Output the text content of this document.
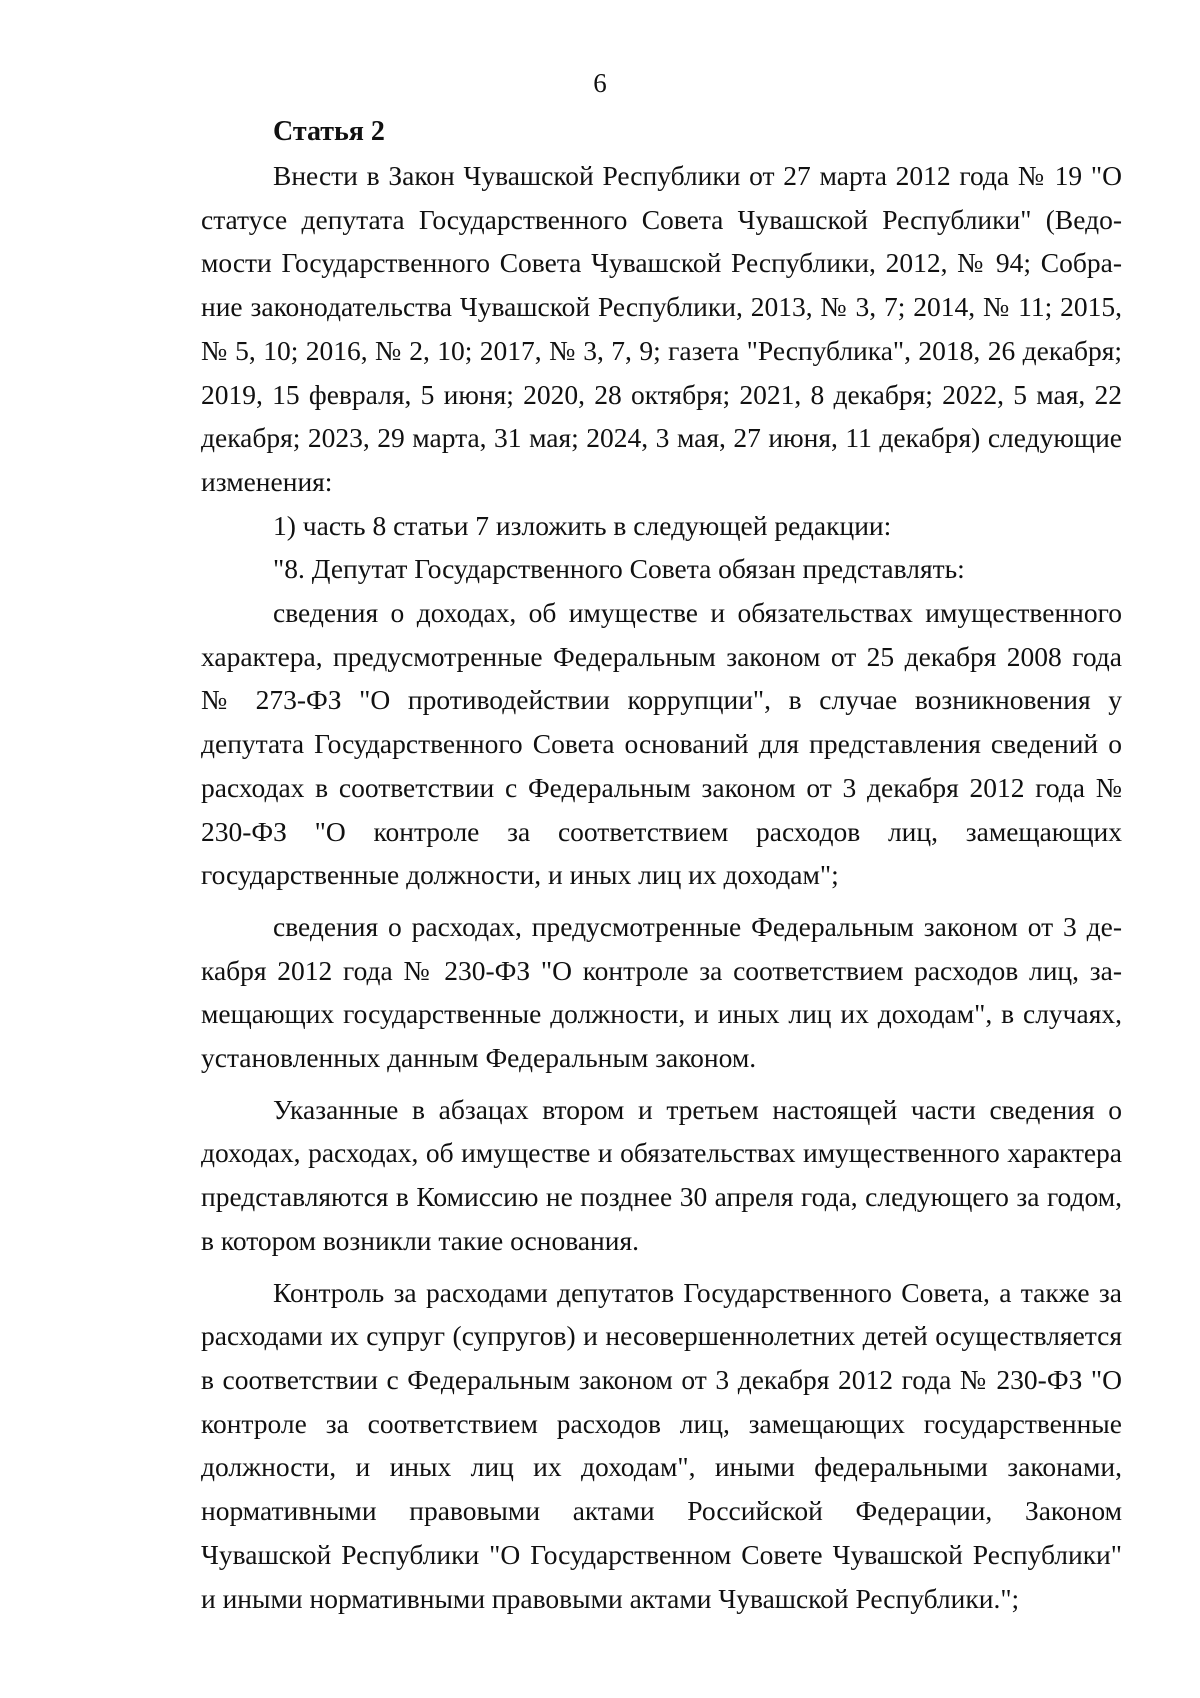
6
Статья 2

Внести в Закон Чувашской Республики от 27 марта 2012 года № 19 "О статусе депутата Государственного Совета Чувашской Республики" (Ведомости Государственного Совета Чувашской Республики, 2012, № 94; Собрание законодательства Чувашской Республики, 2013, № 3, 7; 2014, № 11; 2015, № 5, 10; 2016, № 2, 10; 2017, № 3, 7, 9; газета "Республика", 2018, 26 декабря; 2019, 15 февраля, 5 июня; 2020, 28 октября; 2021, 8 декабря; 2022, 5 мая, 22 декабря; 2023, 29 марта, 31 мая; 2024, 3 мая, 27 июня, 11 декабря) следующие изменения:

1) часть 8 статьи 7 изложить в следующей редакции:

"8. Депутат Государственного Совета обязан представлять:

сведения о доходах, об имуществе и обязательствах имущественного характера, предусмотренные Федеральным законом от 25 декабря 2008 года № 273-ФЗ "О противодействии коррупции", в случае возникновения у депутата Государственного Совета оснований для представления сведений о расходах в соответствии с Федеральным законом от 3 декабря 2012 года № 230-ФЗ "О контроле за соответствием расходов лиц, замещающих государственные должности, и иных лиц их доходам";

сведения о расходах, предусмотренные Федеральным законом от 3 декабря 2012 года № 230-ФЗ "О контроле за соответствием расходов лиц, замещающих государственные должности, и иных лиц их доходам", в случаях, установленных данным Федеральным законом.

Указанные в абзацах втором и третьем настоящей части сведения о доходах, расходах, об имуществе и обязательствах имущественного характера представляются в Комиссию не позднее 30 апреля года, следующего за годом, в котором возникли такие основания.

Контроль за расходами депутатов Государственного Совета, а также за расходами их супруг (супругов) и несовершеннолетних детей осуществляется в соответствии с Федеральным законом от 3 декабря 2012 года № 230-ФЗ "О контроле за соответствием расходов лиц, замещающих государственные должности, и иных лиц их доходам", иными федеральными законами, нормативными правовыми актами Российской Федерации, Законом Чувашской Республики "О Государственном Совете Чувашской Республики" и иными нормативными правовыми актами Чувашской Республики.";
